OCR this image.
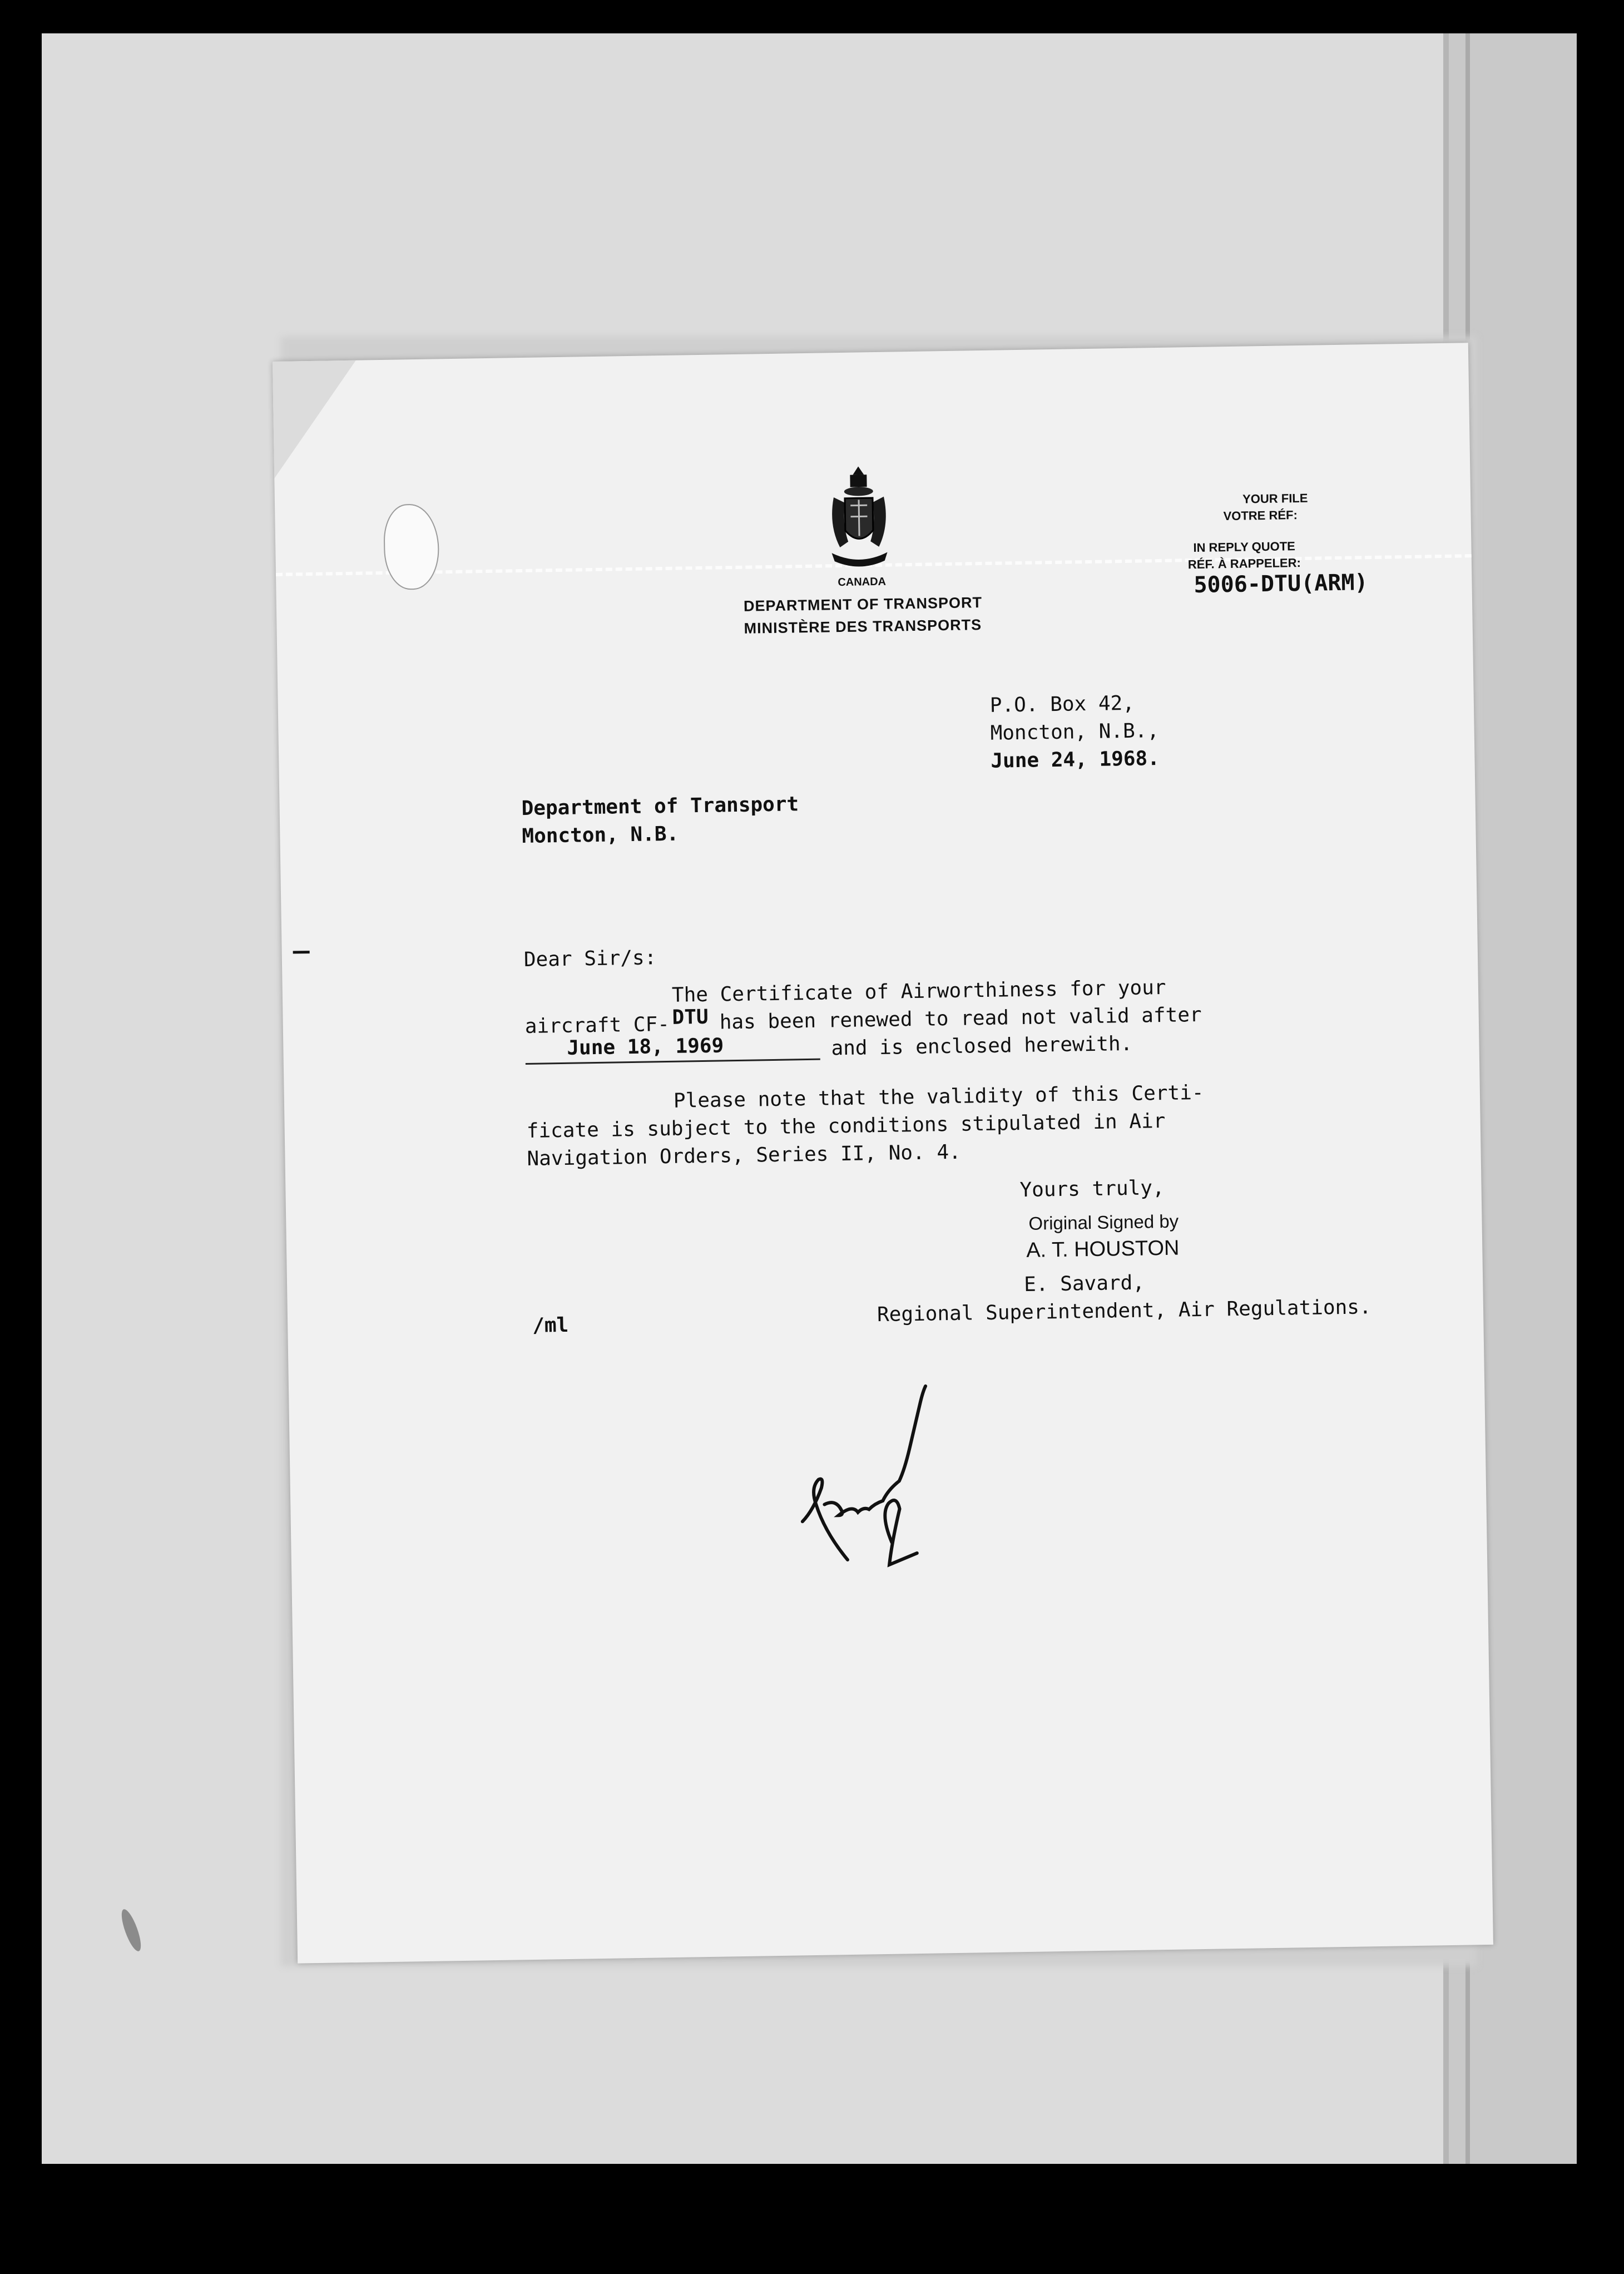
CANADA
DEPARTMENT OF TRANSPORT
MINISTÈRE DES TRANSPORTS
YOUR FILE
VOTRE RÉF:
IN REPLY QUOTE
RÉF. À RAPPELER:
5006-DTU(ARM)
P.O. Box 42,
Moncton, N.B.,
June 24, 1968.
Department of Transport
Moncton, N.B.
Dear Sir/s:
The Certificate of Airworthiness for your
aircraft CF- DTU has been renewed to read not valid after
June 18, 1969	and is enclosed herewith.
Please note that the validity of this Certi-
ficate is subject to the conditions stipulated in Air
Navigation Orders, Series II, No. 4.
Yours truly,
Original Signed by
A. T. HOUSTON
E. Savard,
Regional Superintendent, Air Regulations.
/ml
